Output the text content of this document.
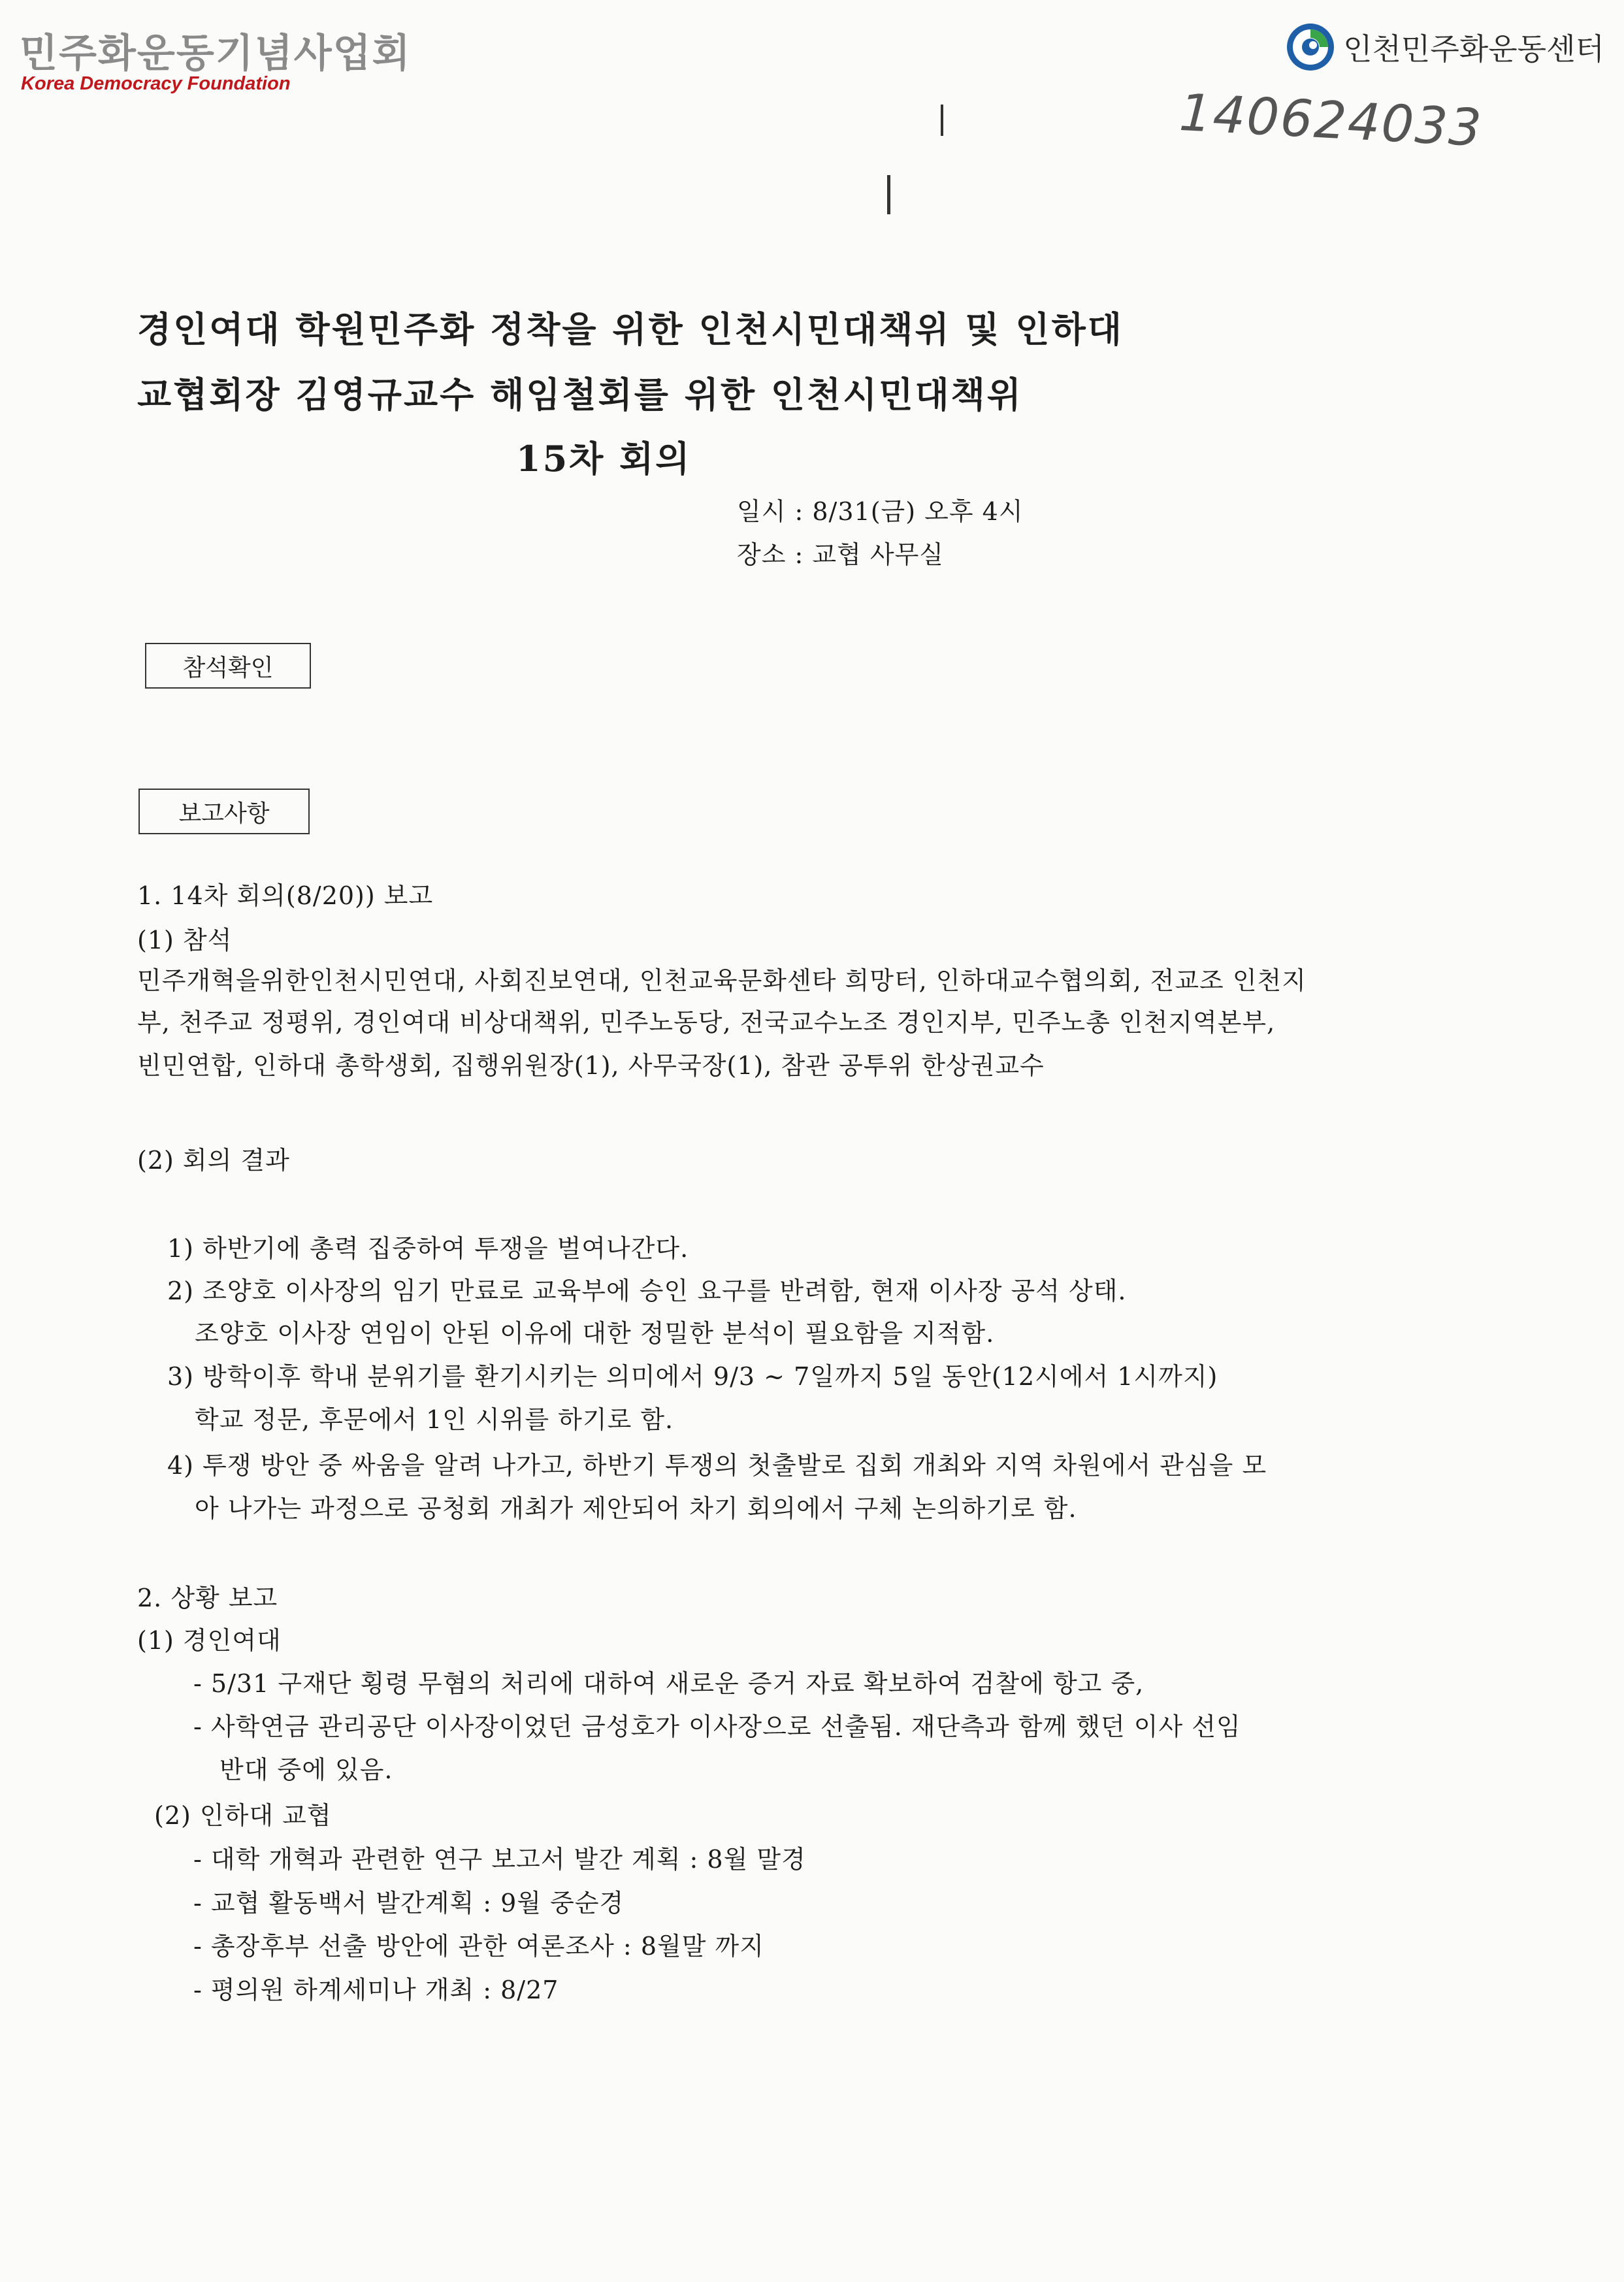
민주화운동기념사업회
Korea Democracy Foundation
인천민주화운동센터
140624033
경인여대 학원민주화 정착을 위한 인천시민대책위 및 인하대
교협회장 김영규교수 해임철회를 위한 인천시민대책위
15차 회의
일시 : 8/31(금) 오후 4시
장소 : 교협 사무실
참석확인
보고사항
1. 14차 회의(8/20)) 보고
(1) 참석
민주개혁을위한인천시민연대, 사회진보연대, 인천교육문화센타 희망터, 인하대교수협의회, 전교조 인천지
부, 천주교 정평위, 경인여대 비상대책위, 민주노동당, 전국교수노조 경인지부, 민주노총 인천지역본부,
빈민연합, 인하대 총학생회, 집행위원장(1), 사무국장(1), 참관 공투위 한상권교수
(2) 회의 결과
1) 하반기에 총력 집중하여 투쟁을 벌여나간다.
2) 조양호 이사장의 임기 만료로 교육부에 승인 요구를 반려함, 현재 이사장 공석 상태.
조양호 이사장 연임이 안된 이유에 대한 정밀한 분석이 필요함을 지적함.
3) 방학이후 학내 분위기를 환기시키는 의미에서 9/3 ~ 7일까지 5일 동안(12시에서 1시까지)
학교 정문, 후문에서 1인 시위를 하기로 함.
4) 투쟁 방안 중 싸움을 알려 나가고, 하반기 투쟁의 첫출발로 집회 개최와 지역 차원에서 관심을 모
아 나가는 과정으로 공청회 개최가 제안되어 차기 회의에서 구체 논의하기로 함.
2. 상황 보고
(1) 경인여대
- 5/31 구재단 횡령 무혐의 처리에 대하여 새로운 증거 자료 확보하여 검찰에 항고 중,
- 사학연금 관리공단 이사장이었던 금성호가 이사장으로 선출됨. 재단측과 함께 했던 이사 선임
반대 중에 있음.
(2) 인하대 교협
- 대학 개혁과 관련한 연구 보고서 발간 계획 : 8월 말경
- 교협 활동백서 발간계획 : 9월 중순경
- 총장후부 선출 방안에 관한 여론조사 : 8월말 까지
- 평의원 하계세미나 개최 : 8/27
